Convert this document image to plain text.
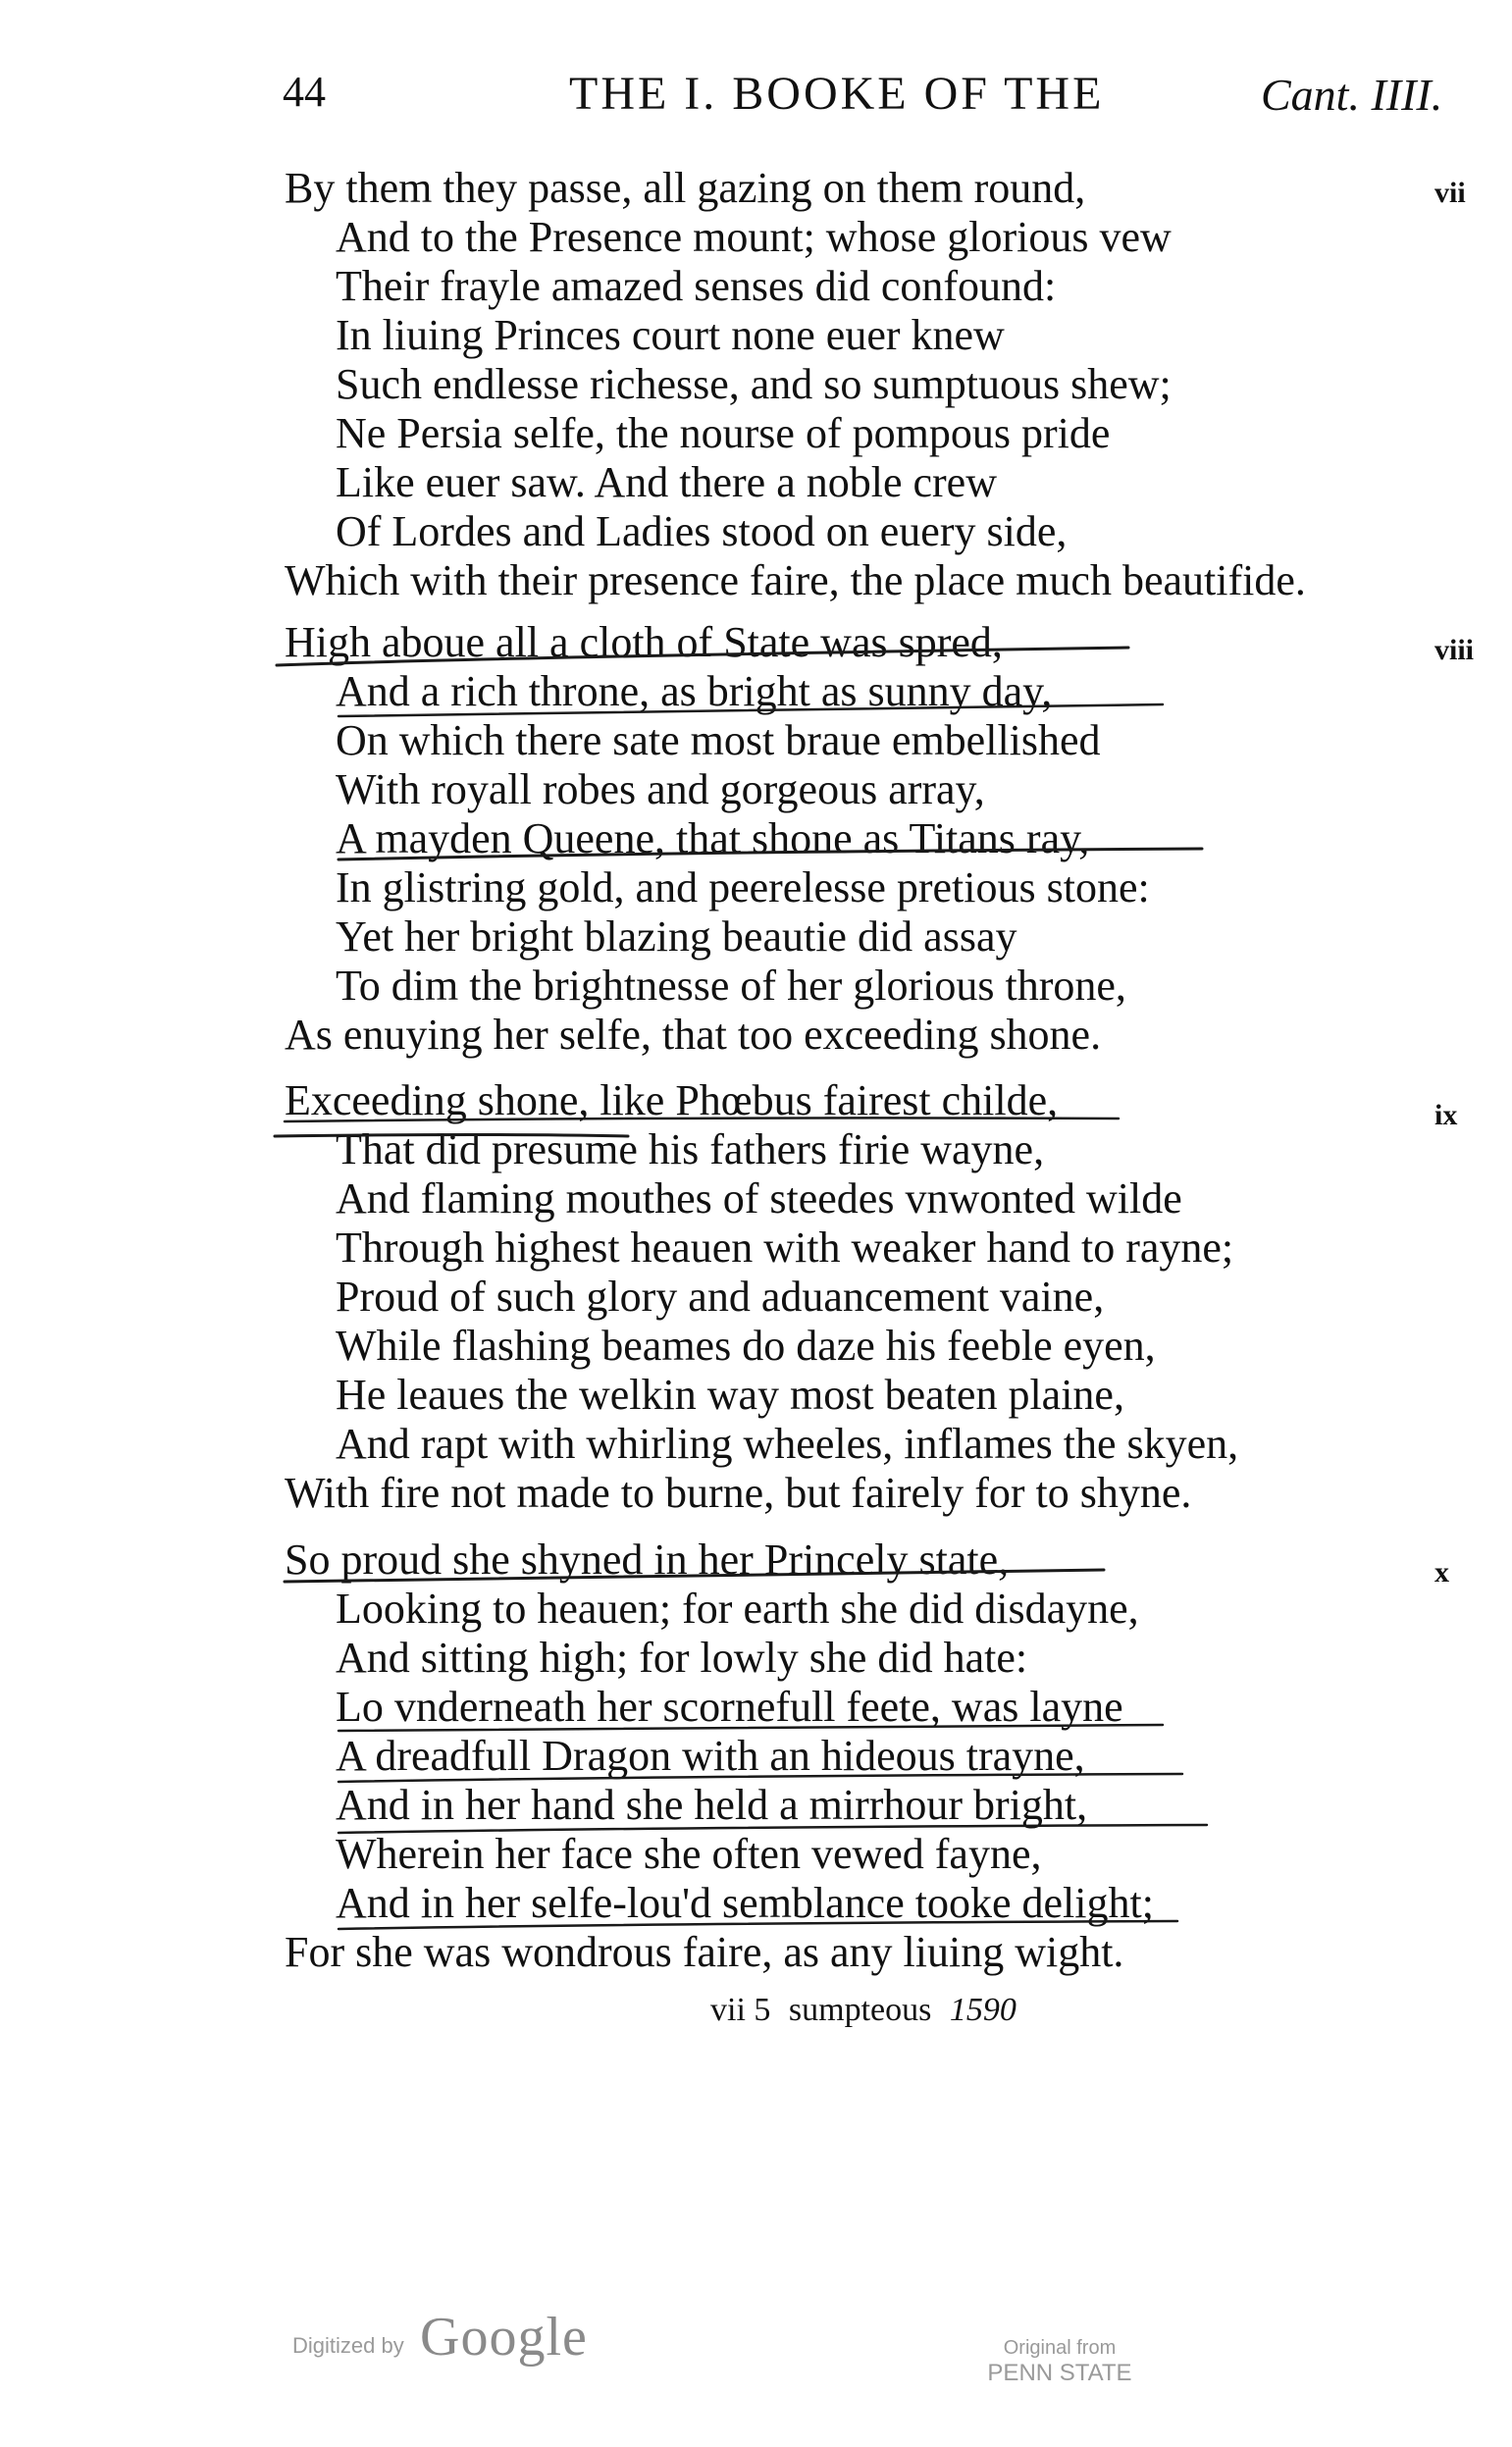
44	THE I. BOOKE OF THE	Cant. IIII.
By them they passe, all gazing on them round,
And to the Presence mount; whose glorious vew
Their frayle amazed senses did confound:
In liuing Princes court none euer knew
Such endlesse richesse, and so sumptuous shew;
Ne Persia selfe, the nourse of pompous pride
Like euer saw. And there a noble crew
Of Lordes and Ladies stood on euery side,
Which with their presence faire, the place much beautifide.
vii
High aboue all a cloth of State was spred,
And a rich throne, as bright as sunny day,
On which there sate most braue embellished
With royall robes and gorgeous array,
A mayden Queene, that shone as Titans ray,
In glistring gold, and peerelesse pretious stone:
Yet her bright blazing beautie did assay
To dim the brightnesse of her glorious throne,
As enuying her selfe, that too exceeding shone.
viii
Exceeding shone, like Phœbus fairest childe,
That did presume his fathers firie wayne,
And flaming mouthes of steedes vnwonted wilde
Through highest heauen with weaker hand to rayne;
Proud of such glory and aduancement vaine,
While flashing beames do daze his feeble eyen,
He leaues the welkin way most beaten plaine,
And rapt with whirling wheeles, inflames the skyen,
With fire not made to burne, but fairely for to shyne.
ix
So proud she shyned in her Princely state,
Looking to heauen; for earth she did disdayne,
And sitting high; for lowly she did hate:
Lo vnderneath her scornefull feete, was layne
A dreadfull Dragon with an hideous trayne,
And in her hand she held a mirrhour bright,
Wherein her face she often vewed fayne,
And in her selfe-lou'd semblance tooke delight;
For she was wondrous faire, as any liuing wight.
x
vii 5 sumpteous 1590
Digitized by Google	Original from
PENN STATE
